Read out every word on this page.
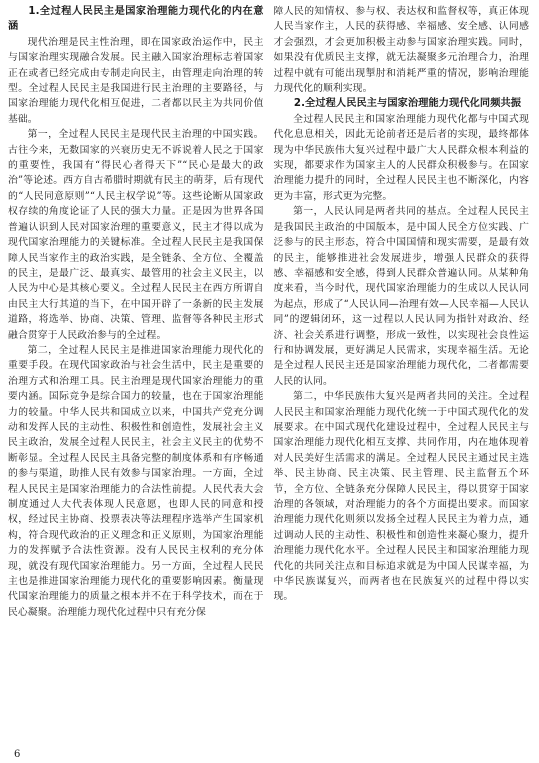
1.全过程人民民主是国家治理能力现代化的内在意涵

现代治理是民主性治理，即在国家政治运作中，民主与国家治理实现融合发展。民主融入国家治理标志着国家正在或者已经完成由专制走向民主，由管理走向治理的转型。全过程人民民主是我国进行民主治理的主要路径，与国家治理能力现代化相互促进，二者都以民主为共同价值基础。

第一，全过程人民民主是现代民主治理的中国实践。古往今来，无数国家的兴衰历史无不诉说着人民之于国家的重要性，我国有“得民心者得天下”“民心是最大的政治”等论述。西方自古希腊时期就有民主的萌芽，后有现代的“人民同意原则”“人民主权学说”等。这些论断从国家政权存续的角度论证了人民的强大力量。正是因为世界各国普遍认识到人民对国家治理的重要意义，民主才得以成为现代国家治理能力的关键标准。全过程人民民主是我国保障人民当家作主的政治实践，是全链条、全方位、全覆盖的民主，是最广泛、最真实、最管用的社会主义民主，以人民为中心是其核心要义。全过程人民民主在西方所谓自由民主大行其道的当下，在中国开辟了一条新的民主发展道路，将选举、协商、决策、管理、监督等各种民主形式融合贯穿于人民政治参与的全过程。

第二，全过程人民民主是推进国家治理能力现代化的重要手段。在现代国家政治与社会生活中，民主是重要的治理方式和治理工具。民主治理是现代国家治理能力的重要内涵。国际竞争是综合国力的较量，也在于国家治理能力的较量。中华人民共和国成立以来，中国共产党充分调动和发挥人民的主动性、积极性和创造性，发展社会主义民主政治，发展全过程人民民主，社会主义民主的优势不断彰显。全过程人民民主具备完整的制度体系和有序畅通的参与渠道，助推人民有效参与国家治理。一方面，全过程人民民主是国家治理能力的合法性前提。人民代表大会制度通过人大代表体现人民意愿，也即人民的同意和授权，经过民主协商、投票表决等法理程序选举产生国家机构，符合现代政治的正义理念和正义原则，为国家治理能力的发挥赋予合法性资源。没有人民民主权利的充分体现，就没有现代国家治理能力。另一方面，全过程人民民主也是推进国家治理能力现代化的重要影响因素。衡量现代国家治理能力的质量之根本并不在于科学技术，而在于民心凝聚。治理能力现代化过程中只有充分保

障人民的知情权、参与权、表达权和监督权等，真正体现人民当家作主，人民的获得感、幸福感、安全感、认同感才会强烈，才会更加积极主动参与国家治理实践。同时，如果没有优质民主支撑，就无法凝聚多元治理合力，治理过程中就有可能出现掣肘和消耗严重的情况，影响治理能力现代化的顺利实现。

2.全过程人民民主与国家治理能力现代化同频共振

全过程人民民主和国家治理能力现代化都与中国式现代化息息相关，因此无论前者还是后者的实现，最终都体现为中华民族伟大复兴过程中最广大人民群众根本利益的实现，都要求作为国家主人的人民群众积极参与。在国家治理能力提升的同时，全过程人民民主也不断深化，内容更为丰富，形式更为完整。

第一，人民认同是两者共同的基点。全过程人民民主是我国民主政治的中国版本，是中国人民全方位实践、广泛参与的民主形态，符合中国国情和现实需要，是最有效的民主，能够推进社会发展进步，增强人民群众的获得感、幸福感和安全感，得到人民群众普遍认同。从某种角度来看，当今时代，现代国家治理能力的生成以人民认同为起点，形成了“人民认同—治理有效—人民幸福—人民认同”的逻辑闭环，这一过程以人民认同为指针对政治、经济、社会关系进行调整，形成一致性，以实现社会良性运行和协调发展，更好满足人民需求，实现幸福生活。无论是全过程人民民主还是国家治理能力现代化，二者都需要人民的认同。

第二，中华民族伟大复兴是两者共同的关注。全过程人民民主和国家治理能力现代化统一于中国式现代化的发展要求。在中国式现代化建设过程中，全过程人民民主与国家治理能力现代化相互支撑、共同作用，内在地体现着对人民美好生活需求的满足。全过程人民民主通过民主选举、民主协商、民主决策、民主管理、民主监督五个环节，全方位、全链条充分保障人民民主，得以贯穿于国家治理的各领域，对治理能力的各个方面提出要求。而国家治理能力现代化则须以发扬全过程人民民主为着力点，通过调动人民的主动性、积极性和创造性来凝心聚力，提升治理能力现代化水平。全过程人民民主和国家治理能力现代化的共同关注点和目标追求就是为中国人民谋幸福，为中华民族谋复兴，而两者也在民族复兴的过程中得以实现。

6
